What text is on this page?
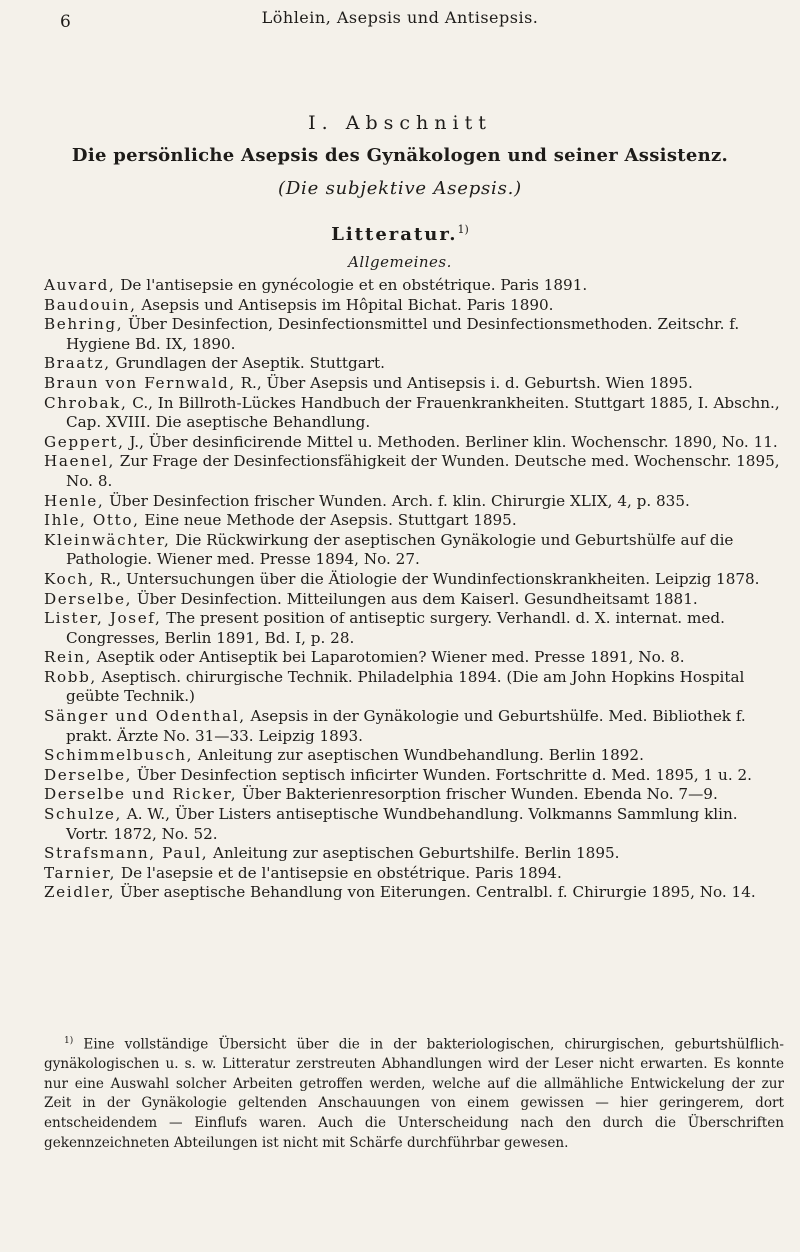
6	Löhlein, Asepsis und Antisepsis.
I. Abschnitt
Die persönliche Asepsis des Gynäkologen und seiner Assistenz.
(Die subjektive Asepsis.)
Litteratur.$^{1)}$
Allgemeines.
Auvard, De l'antisepsie en gynécologie et en obstétrique. Paris 1891.
Baudouin, Asepsis und Antisepsis im Hôpital Bichat. Paris 1890.
Behring, Über Desinfection, Desinfectionsmittel und Desinfectionsmethoden. Zeitschr. f. Hygiene Bd. IX, 1890.
Braatz, Grundlagen der Aseptik. Stuttgart.
Braun von Fernwald, R., Über Asepsis und Antisepsis i. d. Geburtsh. Wien 1895.
Chrobak, C., In Billroth-Lückes Handbuch der Frauenkrankheiten. Stuttgart 1885, I. Abschn., Cap. XVIII. Die aseptische Behandlung.
Geppert, J., Über desinficirende Mittel u. Methoden. Berliner klin. Wochenschr. 1890, No. 11.
Haenel, Zur Frage der Desinfectionsfähigkeit der Wunden. Deutsche med. Wochenschr. 1895, No. 8.
Henle, Über Desinfection frischer Wunden. Arch. f. klin. Chirurgie XLIX, 4, p. 835.
Ihle, Otto, Eine neue Methode der Asepsis. Stuttgart 1895.
Kleinwächter, Die Rückwirkung der aseptischen Gynäkologie und Geburtshülfe auf die Pathologie. Wiener med. Presse 1894, No. 27.
Koch, R., Untersuchungen über die Ätiologie der Wundinfectionskrankheiten. Leipzig 1878.
Derselbe, Über Desinfection. Mitteilungen aus dem Kaiserl. Gesundheitsamt 1881.
Lister, Josef, The present position of antiseptic surgery. Verhandl. d. X. internat. med. Congresses, Berlin 1891, Bd. I, p. 28.
Rein, Aseptik oder Antiseptik bei Laparotomien? Wiener med. Presse 1891, No. 8.
Robb, Aseptisch. chirurgische Technik. Philadelphia 1894. (Die am John Hopkins Hospital geübte Technik.)
Sänger und Odenthal, Asepsis in der Gynäkologie und Geburtshülfe. Med. Bibliothek f. prakt. Ärzte No. 31—33. Leipzig 1893.
Schimmelbusch, Anleitung zur aseptischen Wundbehandlung. Berlin 1892.
Derselbe, Über Desinfection septisch inficirter Wunden. Fortschritte d. Med. 1895, 1 u. 2.
Derselbe und Ricker, Über Bakterienresorption frischer Wunden. Ebenda No. 7—9.
Schulze, A. W., Über Listers antiseptische Wundbehandlung. Volkmanns Sammlung klin. Vortr. 1872, No. 52.
Strafsmann, Paul, Anleitung zur aseptischen Geburtshilfe. Berlin 1895.
Tarnier, De l'asepsie et de l'antisepsie en obstétrique. Paris 1894.
Zeidler, Über aseptische Behandlung von Eiterungen. Centralbl. f. Chirurgie 1895, No. 14.

$^{1)}$ Eine vollständige Übersicht über die in der bakteriologischen, chirurgischen, geburtshülflich-gynäkologischen u. s. w. Litteratur zerstreuten Abhandlungen wird der Leser nicht erwarten. Es konnte nur eine Auswahl solcher Arbeiten getroffen werden, welche auf die allmähliche Entwickelung der zur Zeit in der Gynäkologie geltenden Anschauungen von einem gewissen — hier geringerem, dort entscheidendem — Einflufs waren. Auch die Unterscheidung nach den durch die Überschriften gekennzeichneten Abteilungen ist nicht mit Schärfe durchführbar gewesen.
